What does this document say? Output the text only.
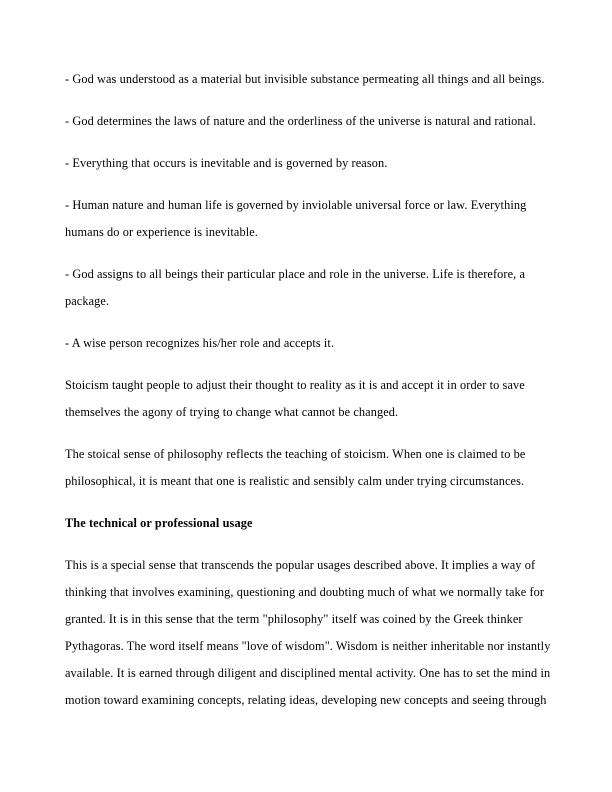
- God was understood as a material but invisible substance permeating all things and all beings.
- God determines the laws of nature and the orderliness of the universe is natural and rational.
- Everything that occurs is inevitable and is governed by reason.
- Human nature and human life is governed by inviolable universal force or law. Everything
humans do or experience is inevitable.
- God assigns to all beings their particular place and role in the universe. Life is therefore, a
package.
- A wise person recognizes his/her role and accepts it.
Stoicism taught people to adjust their thought to reality as it is and accept it in order to save
themselves the agony of trying to change what cannot be changed.
The stoical sense of philosophy reflects the teaching of stoicism. When one is claimed to be
philosophical, it is meant that one is realistic and sensibly calm under trying circumstances.
The technical or professional usage
This is a special sense that transcends the popular usages described above. It implies a way of
thinking that involves examining, questioning and doubting much of what we normally take for
granted. It is in this sense that the term "philosophy" itself was coined by the Greek thinker
Pythagoras. The word itself means "love of wisdom". Wisdom is neither inheritable nor instantly
available. It is earned through diligent and disciplined mental activity. One has to set the mind in
motion toward examining concepts, relating ideas, developing new concepts and seeing through
